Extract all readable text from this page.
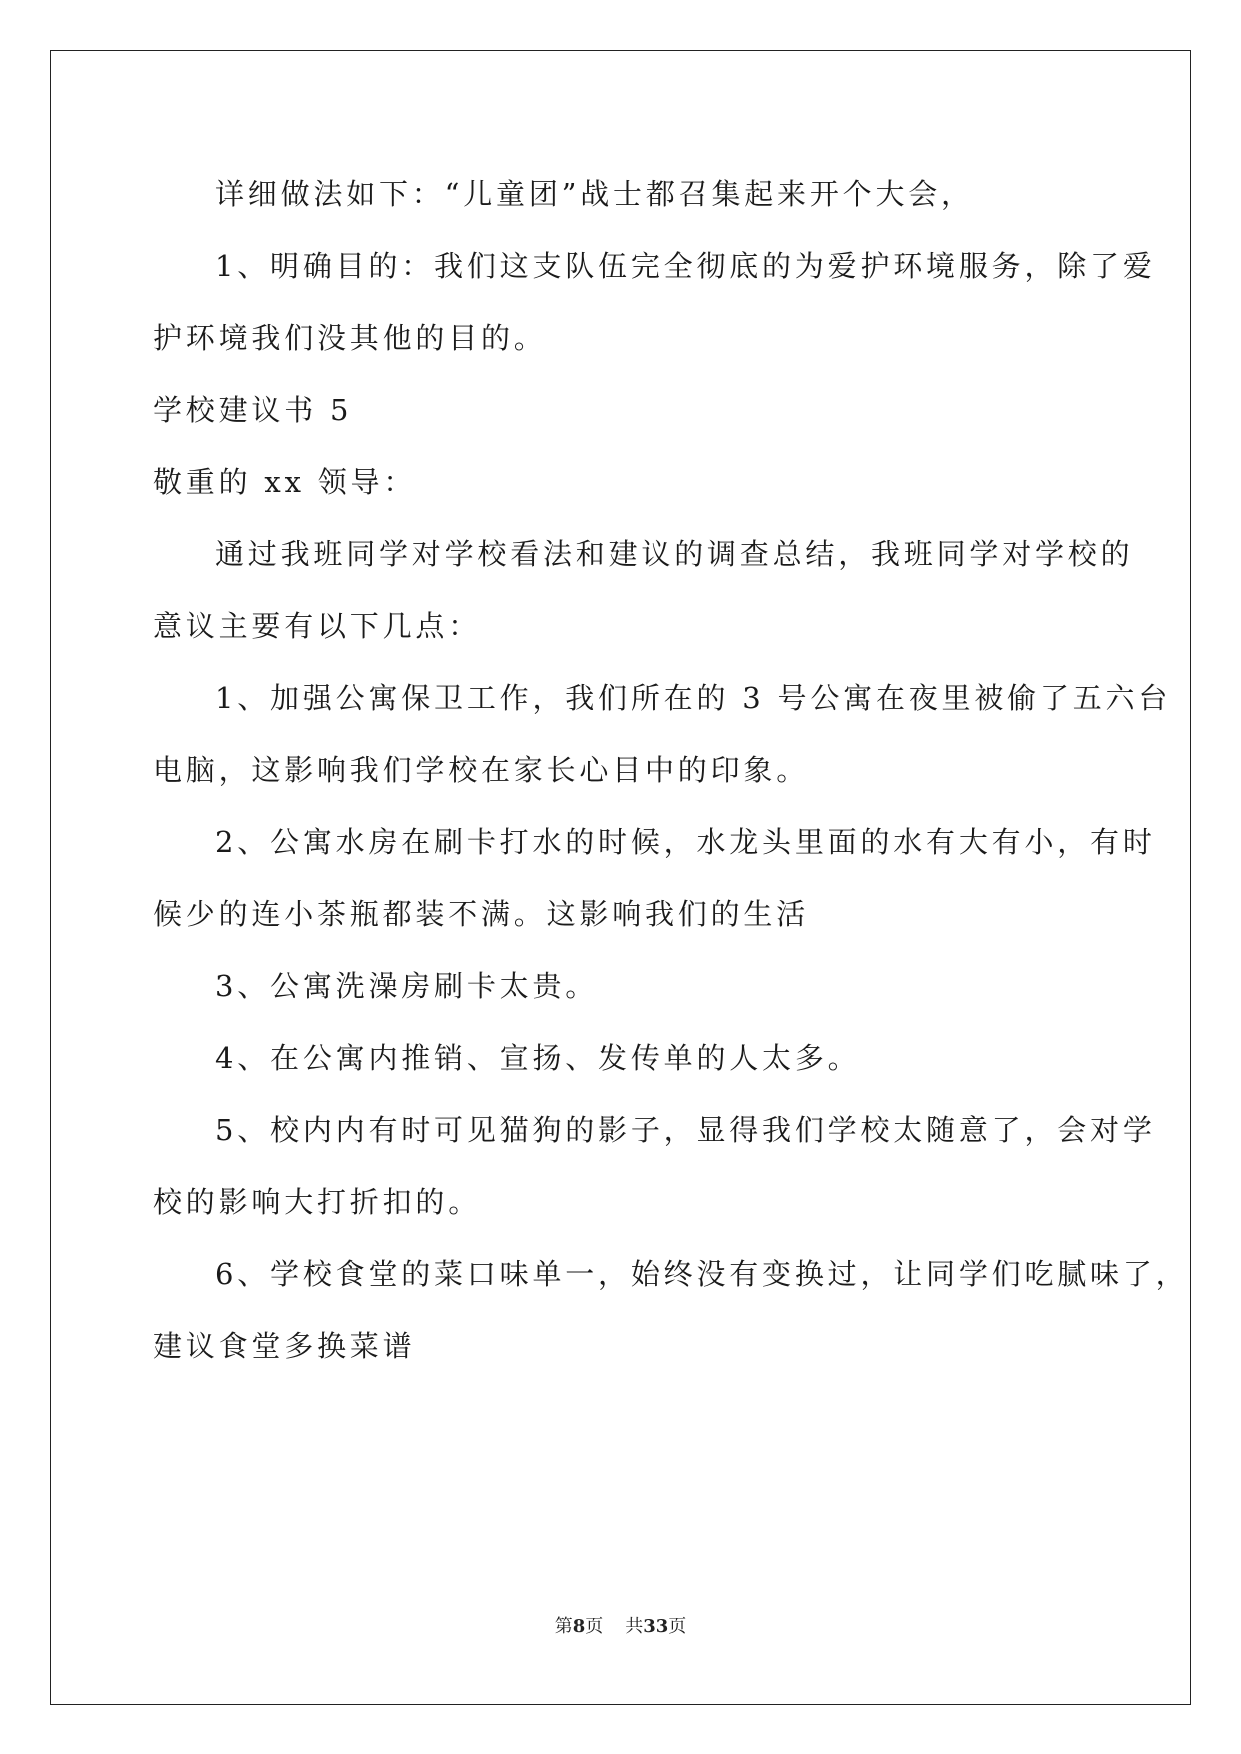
详细做法如下：“儿童团”战士都召集起来开个大会，
1、明确目的：我们这支队伍完全彻底的为爱护环境服务，除了爱
护环境我们没其他的目的。
学校建议书 5
敬重的 xx 领导：
通过我班同学对学校看法和建议的调查总结，我班同学对学校的
意议主要有以下几点：
1、加强公寓保卫工作，我们所在的 3 号公寓在夜里被偷了五六台
电脑，这影响我们学校在家长心目中的印象。
2、公寓水房在刷卡打水的时候，水龙头里面的水有大有小，有时
候少的连小茶瓶都装不满。这影响我们的生活
3、公寓洗澡房刷卡太贵。
4、在公寓内推销、宣扬、发传单的人太多。
5、校内内有时可见猫狗的影子，显得我们学校太随意了，会对学
校的影响大打折扣的。
6、学校食堂的菜口味单一，始终没有变换过，让同学们吃腻味了，
建议食堂多换菜谱
第8页 共33页
